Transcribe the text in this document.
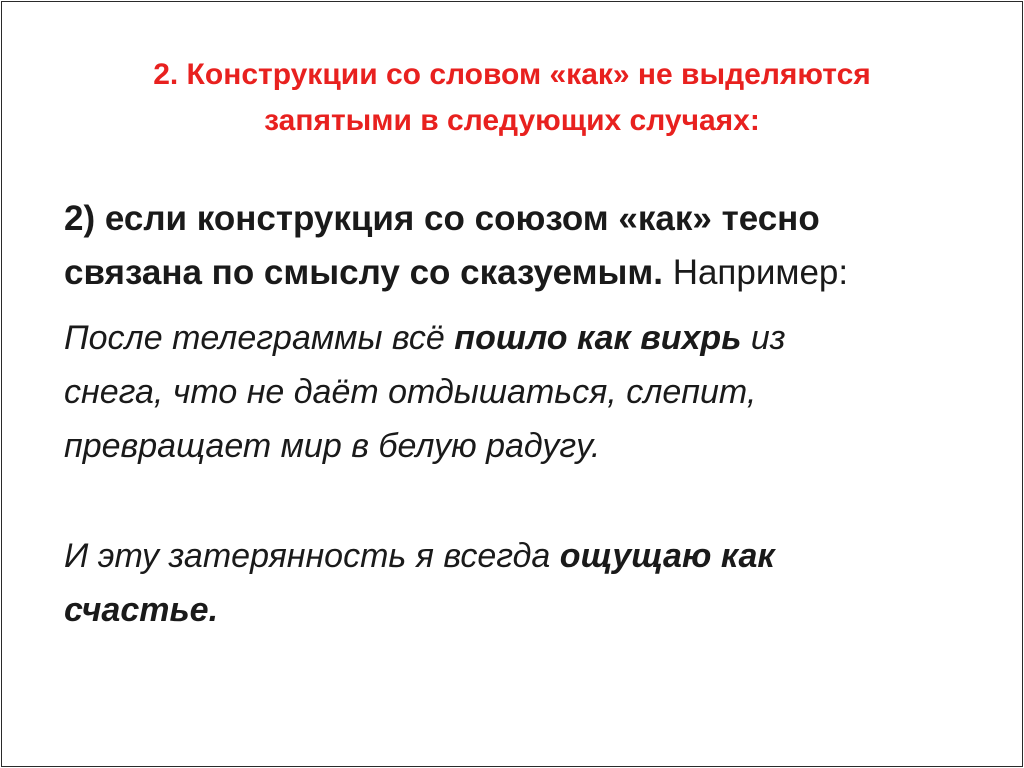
2. Конструкции со словом «как» не выделяются
запятыми в следующих случаях:

2) если конструкция со союзом «как» тесно
связана по смыслу со сказуемым. Например:

После телеграммы всё пошло как вихрь из
снега, что не даёт отдышаться, слепит,
превращает мир в белую радугу.

И эту затерянность я всегда ощущаю как
счастье.
